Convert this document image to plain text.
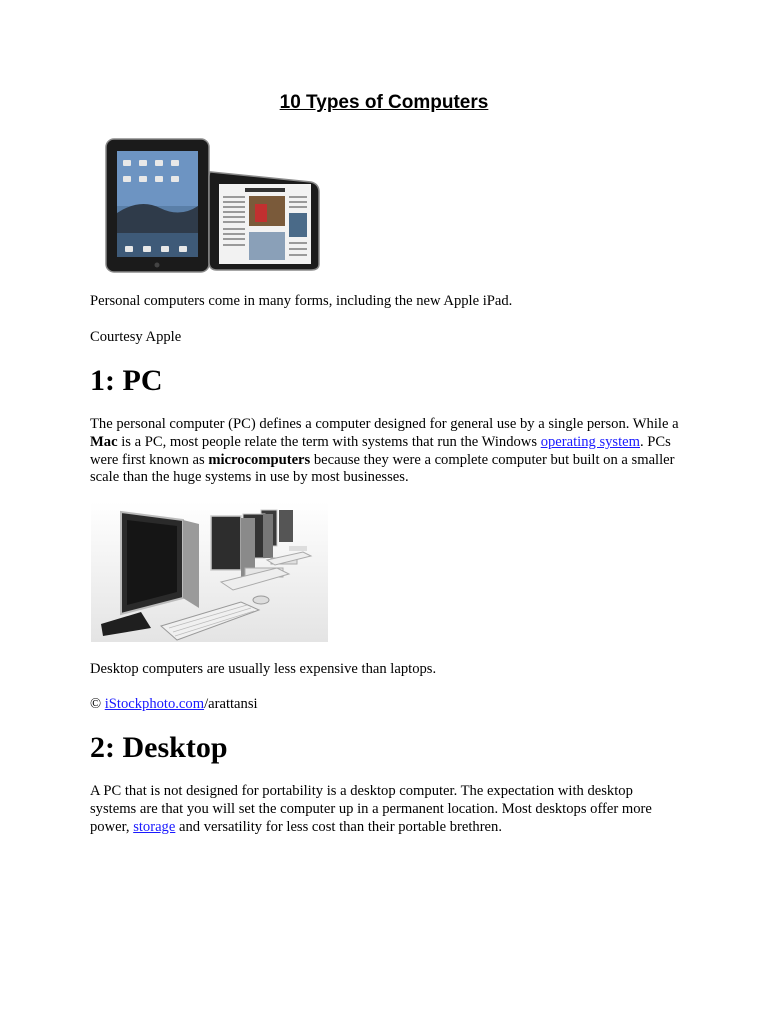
10 Types of Computers

Personal computers come in many forms, including the new Apple iPad.

Courtesy Apple

1: PC

The personal computer (PC) defines a computer designed for general use by a single person. While a Mac is a PC, most people relate the term with systems that run the Windows operating system. PCs were first known as microcomputers because they were a complete computer but built on a smaller scale than the huge systems in use by most businesses.

Desktop computers are usually less expensive than laptops.

© iStockphoto.com/arattansi

2: Desktop

A PC that is not designed for portability is a desktop computer. The expectation with desktop systems are that you will set the computer up in a permanent location. Most desktops offer more power, storage and versatility for less cost than their portable brethren.
